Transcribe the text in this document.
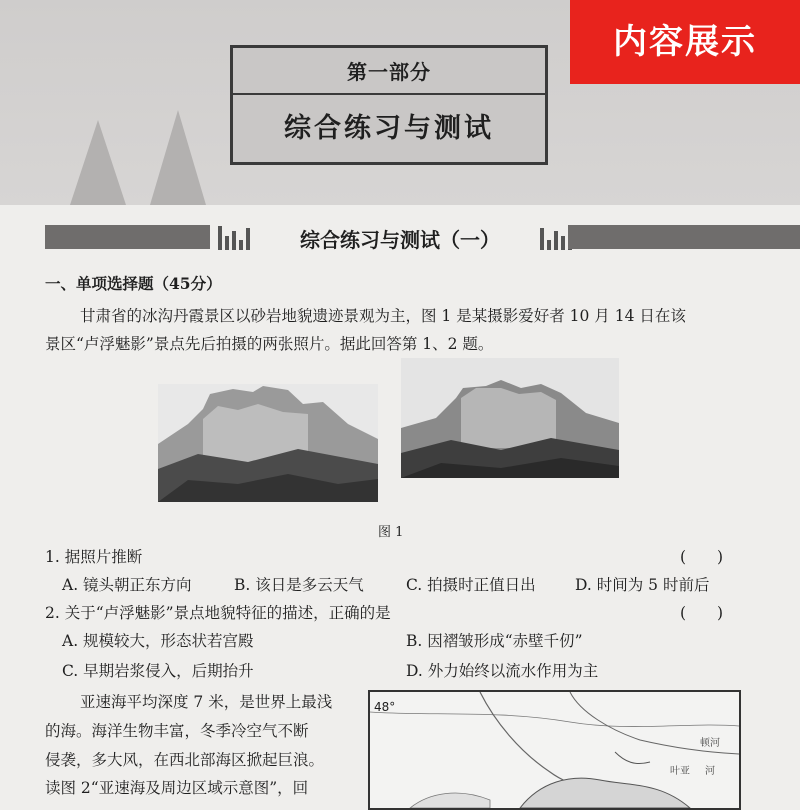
第一部分
综合练习与测试
内容展示
综合练习与测试（一）
一、单项选择题（45分）
甘肃省的冰沟丹霞景区以砂岩地貌遗迹景观为主，图 1 是某摄影爱好者 10 月 14 日在该
景区“卢浮魅影”景点先后拍摄的两张照片。据此回答第 1、2 题。
图 1
1. 据照片推断	(　　)
A. 镜头朝正东方向	B. 该日是多云天气	C. 拍摄时正值日出	D. 时间为 5 时前后
2. 关于“卢浮魅影”景点地貌特征的描述，正确的是	(　　)
A. 规模较大，形态状若宫殿	B. 因褶皱形成“赤壁千仞”
C. 早期岩浆侵入，后期抬升	D. 外力始终以流水作用为主
亚速海平均深度 7 米，是世界上最浅
的海。海洋生物丰富，冬季冷空气不断
侵袭，多大风，在西北部海区掀起巨浪。
读图 2“亚速海及周边区域示意图”，回
48°
顿河
叶亚 河
